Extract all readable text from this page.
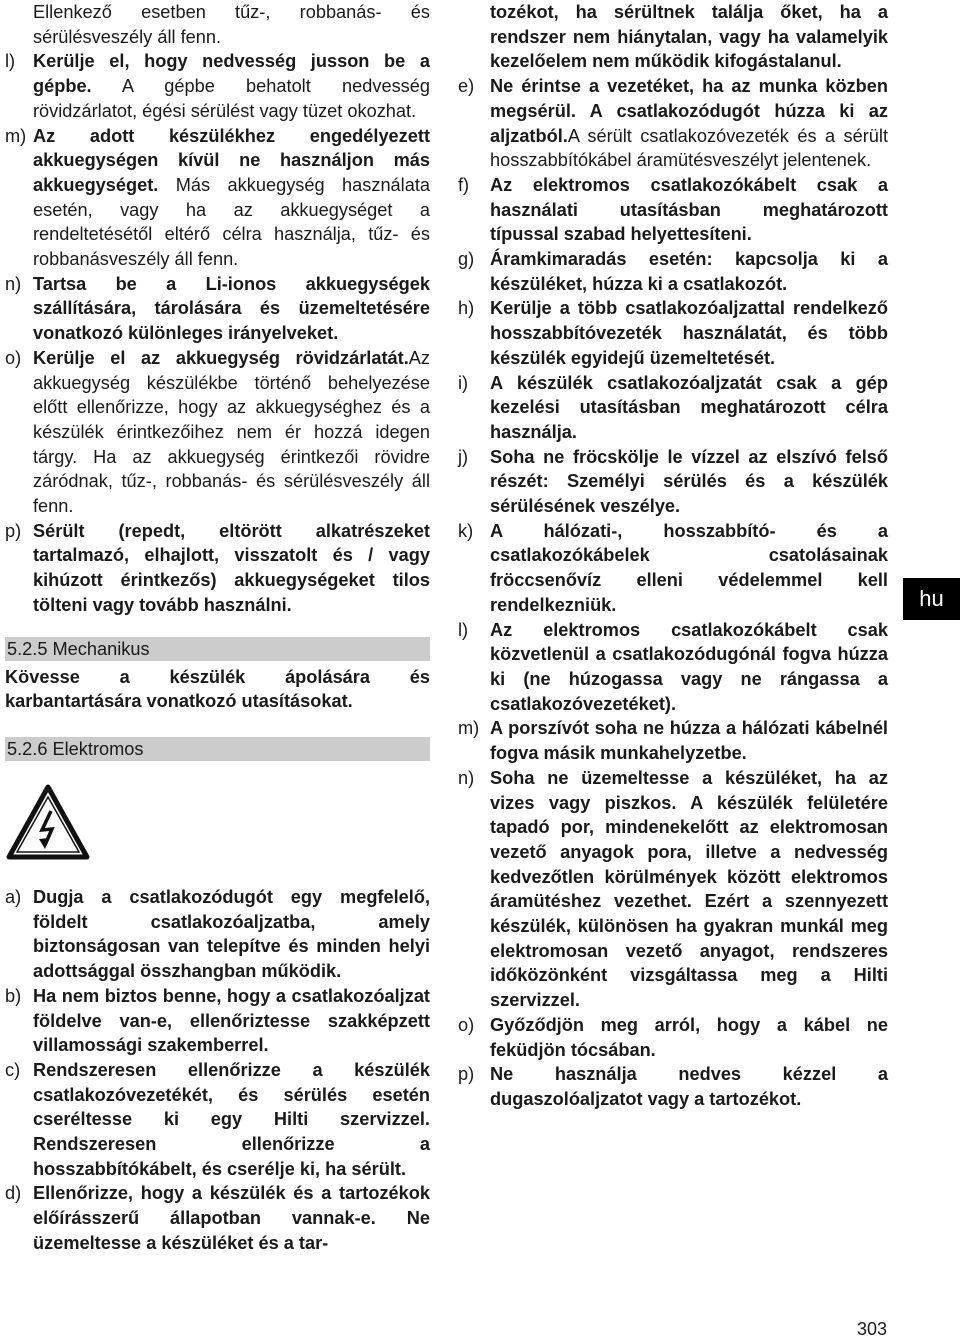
Ellenkező esetben tűz-, robbanás- és sérülésveszély áll fenn.

l) Kerülje el, hogy nedvesség jusson be a gépbe. A gépbe behatolt nedvesség rövidzárlatot, égési sérülést vagy tüzet okozhat.

m) Az adott készülékhez engedélyezett akkuegységen kívül ne használjon más akkuegységet. Más akkuegység használata esetén, vagy ha az akkuegységet a rendeltetésétől eltérő célra használja, tűz- és robbanásveszély áll fenn.

n) Tartsa be a Li-ionos akkuegységek szállítására, tárolására és üzemeltetésére vonatkozó különleges irányelveket.

o) Kerülje el az akkuegység rövidzárlatát.Az akkuegység készülékbe történő behelyezése előtt ellenőrizze, hogy az akkuegységhez és a készülék érintkezőihez nem ér hozzá idegen tárgy. Ha az akkuegység érintkezői rövidre záródnak, tűz-, robbanás- és sérülésveszély áll fenn.

p) Sérült (repedt, eltörött alkatrészeket tartalmazó, elhajlott, visszatolt és / vagy kihúzott érintkezős) akkuegységeket tilos tölteni vagy tovább használni.

5.2.5 Mechanikus

Kövesse a készülék ápolására és karbantartására vonatkozó utasításokat.

5.2.6 Elektromos
a) Dugja a csatlakozódugót egy megfelelő, földelt csatlakozóaljzatba, amely biztonságosan van telepítve és minden helyi adottsággal összhangban működik.

b) Ha nem biztos benne, hogy a csatlakozóaljzat földelve van-e, ellenőriztesse szakképzett villamossági szakemberrel.

c) Rendszeresen ellenőrizze a készülék csatlakozóvezetékét, és sérülés esetén cseréltesse ki egy Hilti szervizzel. Rendszeresen ellenőrizze a hosszabbítókábelt, és cserélje ki, ha sérült.

d) Ellenőrizze, hogy a készülék és a tartozékok előírásszerű állapotban vannak-e. Ne üzemeltesse a készüléket és a tar-

tozékot, ha sérültnek találja őket, ha a rendszer nem hiánytalan, vagy ha valamelyik kezelőelem nem működik kifogástalanul.

e) Ne érintse a vezetéket, ha az munka közben megsérül. A csatlakozódugót húzza ki az aljzatból.A sérült csatlakozóvezeték és a sérült hosszabbítókábel áramütésveszélyt jelentenek.

f)	Az elektromos csatlakozókábelt csak a használati utasításban meghatározott típussal szabad helyettesíteni.

g) Áramkimaradás esetén: kapcsolja ki a készüléket, húzza ki a csatlakozót.

h) Kerülje a több csatlakozóaljzattal rendelkező hosszabbítóvezeték használatát, és több készülék egyidejű üzemeltetését.

i)	A készülék csatlakozóaljzatát csak a gép kezelési utasításban meghatározott célra használja.

j)	Soha ne fröcskölje le vízzel az elszívó felső részét: Személyi sérülés és a készülék sérülésének veszélye.

k) A hálózati-, hosszabbító- és a csatlakozókábelek csatolásainak fröccsenővíz elleni védelemmel kell rendelkezniük.

l)	Az elektromos csatlakozókábelt csak közvetlenül a csatlakozódugónál fogva húzza ki (ne húzogassa vagy ne rángassa a csatlakozóvezetéket).

m) A porszívót soha ne húzza a hálózati kábelnél fogva másik munkahelyzetbe.

n) Soha ne üzemeltesse a készüléket, ha az vizes vagy piszkos. A készülék felületére tapadó por, mindenekelőtt az elektromosan vezető anyagok pora, illetve a nedvesség kedvezőtlen körülmények között elektromos áramütéshez vezethet. Ezért a szennyezett készülék, különösen ha gyakran munkál meg elektromosan vezető anyagot, rendszeres időközönként vizsgáltassa meg a Hilti szervizzel.

o) Győződjön meg arról, hogy a kábel ne feküdjön tócsában.

p) Ne használja nedves kézzel a dugaszolóaljzatot vagy a tartozékot.

hu
303
